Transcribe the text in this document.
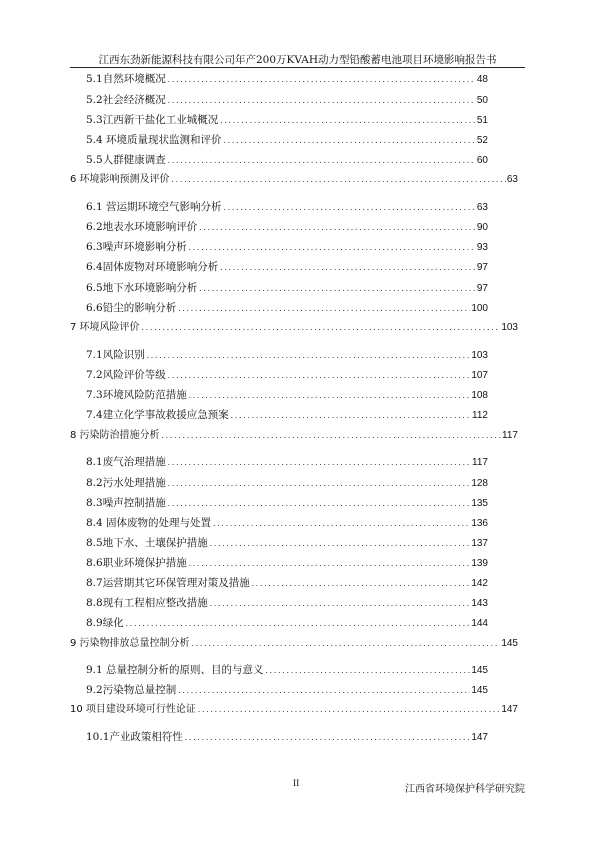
江西东劲新能源科技有限公司年产200万KVAH动力型铅酸蓄电池项目环境影响报告书
5.1自然环境概况 .....	48
5.2社会经济概况 .....	50
5.3江西新干盐化工业城概况 .....	51
5.4 环境质量现状监测和评价 .....	52
5.5人群健康调查 .....	60
6 环境影响预测及评价 .....	63
6.1 营运期环境空气影响分析 .....	63
6.2地表水环境影响评价 .....	90
6.3噪声环境影响分析 .....	93
6.4固体废物对环境影响分析 .....	97
6.5地下水环境影响分析 .....	97
6.6铅尘的影响分析 .....	100
7 环境风险评价 .....	103
7.1风险识别 .....	103
7.2风险评价等级 .....	107
7.3环境风险防范措施 .....	108
7.4建立化学事故救援应急预案 .....	112
8 污染防治措施分析 .....	117
8.1废气治理措施 .....	117
8.2污水处理措施 .....	128
8.3噪声控制措施 .....	135
8.4 固体废物的处理与处置 .....	136
8.5地下水、土壤保护措施 .....	137
8.6职业环境保护措施 .....	139
8.7运营期其它环保管理对策及措施 .....	142
8.8现有工程相应整改措施 .....	143
8.9绿化 .....	144
9 污染物排放总量控制分析 .....	145
9.1 总量控制分析的原则、目的与意义 .....	145
9.2污染物总量控制 .....	145
10 项目建设环境可行性论证 .....	147
10.1产业政策相符性 .....	147
II	江西省环境保护科学研究院
